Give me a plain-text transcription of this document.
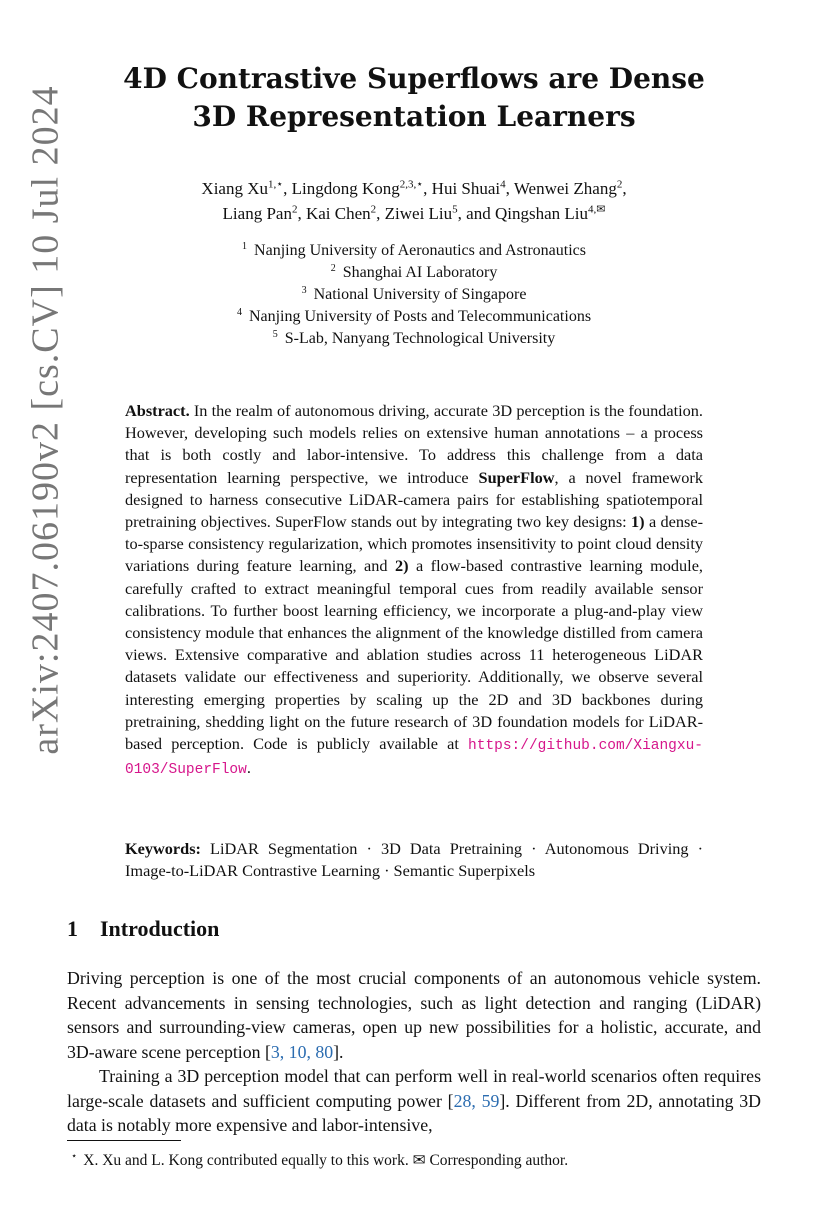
arXiv:2407.06190v2 [cs.CV] 10 Jul 2024
4D Contrastive Superflows are Dense 3D Representation Learners
Xiang $Xu^{1,⋆}$, Lingdong Kong$^{2,3,⋆}$, Hui Shuai$^4$, Wenwei Zhang$^2$,
Liang Pan$^2$, Kai Chen$^2$, Ziwei Liu$^5$, and Qingshan Liu$^{4,✉}$
$^1$ Nanjing University of Aeronautics and Astronautics
$^2$ Shanghai AI Laboratory
$^3$ National University of Singapore
$^4$ Nanjing University of Posts and Telecommunications
$^5$ S-Lab, Nanyang Technological University

Abstract. In the realm of autonomous driving, accurate 3D perception is the foundation. However, developing such models relies on extensive human annotations – a process that is both costly and labor-intensive. To address this challenge from a data representation learning perspective, we introduce SuperFlow, a novel framework designed to harness consecutive LiDAR-camera pairs for establishing spatiotemporal pretraining objectives. SuperFlow stands out by integrating two key designs: 1) a dense-to-sparse consistency regularization, which promotes insensitivity to point cloud density variations during feature learning, and 2) a flow-based contrastive learning module, carefully crafted to extract meaningful temporal cues from readily available sensor calibrations. To further boost learning efficiency, we incorporate a plug-and-play view consistency module that enhances the alignment of the knowledge distilled from camera views. Extensive comparative and ablation studies across 11 heterogeneous LiDAR datasets validate our effectiveness and superiority. Additionally, we observe several interesting emerging properties by scaling up the 2D and 3D backbones during pretraining, shedding light on the future research of 3D foundation models for LiDAR-based perception. Code is publicly available at https://github.com/Xiangxu-0103/SuperFlow.

Keywords: LiDAR Segmentation · 3D Data Pretraining · Autonomous Driving · Image-to-LiDAR Contrastive Learning · Semantic Superpixels

1 Introduction

Driving perception is one of the most crucial components of an autonomous vehicle system. Recent advancements in sensing technologies, such as light detection and ranging (LiDAR) sensors and surrounding-view cameras, open up new possibilities for a holistic, accurate, and 3D-aware scene perception [3, 10, 80].

Training a 3D perception model that can perform well in real-world scenarios often requires large-scale datasets and sufficient computing power [28, 59]. Different from 2D, annotating 3D data is notably more expensive and labor-intensive,

⋆ X. Xu and L. Kong contributed equally to this work. ✉ Corresponding author.
